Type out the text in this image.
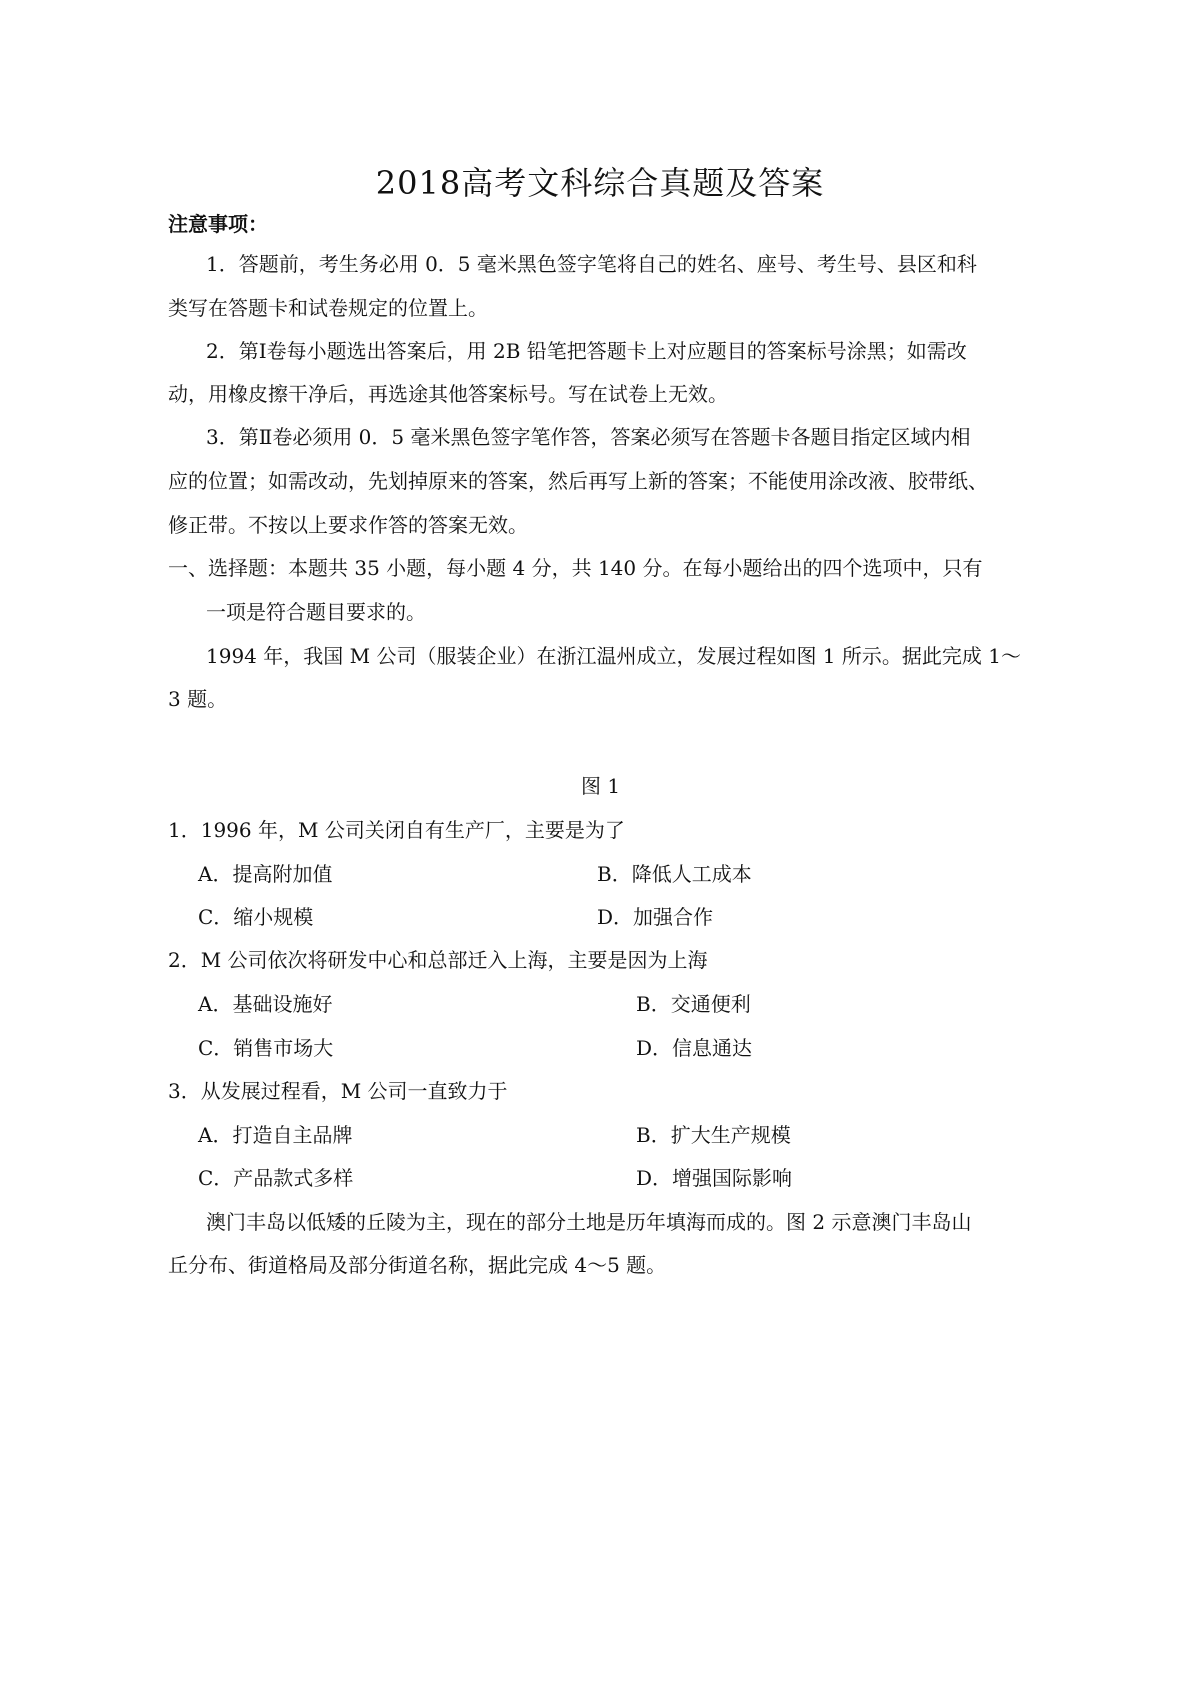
2018高考文科综合真题及答案
注意事项：
1．答题前，考生务必用 0．5 毫米黑色签字笔将自己的姓名、座号、考生号、县区和科
类写在答题卡和试卷规定的位置上。
2．第Ⅰ卷每小题选出答案后，用 2B 铅笔把答题卡上对应题目的答案标号涂黑；如需改
动，用橡皮擦干净后，再选途其他答案标号。写在试卷上无效。
3．第Ⅱ卷必须用 0．5 毫米黑色签字笔作答，答案必须写在答题卡各题目指定区域内相
应的位置；如需改动，先划掉原来的答案，然后再写上新的答案；不能使用涂改液、胶带纸、
修正带。不按以上要求作答的答案无效。
一、选择题：本题共 35 小题，每小题 4 分，共 140 分。在每小题给出的四个选项中，只有
一项是符合题目要求的。
1994 年，我国 M 公司（服装企业）在浙江温州成立，发展过程如图 1 所示。据此完成 1～
3 题。
图 1
1．1996 年，M 公司关闭自有生产厂，主要是为了
A．提高附加值	B．降低人工成本
C．缩小规模	D．加强合作
2．M 公司依次将研发中心和总部迁入上海，主要是因为上海
A．基础设施好	B．交通便利
C．销售市场大	D．信息通达
3．从发展过程看，M 公司一直致力于
A．打造自主品牌	B．扩大生产规模
C．产品款式多样	D．增强国际影响
澳门丰岛以低矮的丘陵为主，现在的部分土地是历年填海而成的。图 2 示意澳门丰岛山
丘分布、街道格局及部分街道名称，据此完成 4～5 题。
